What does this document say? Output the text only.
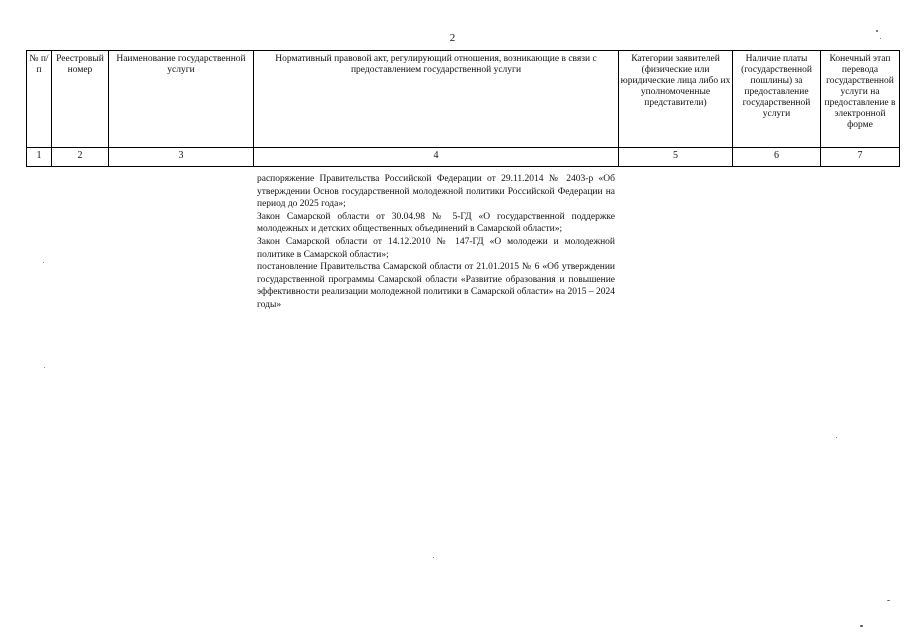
2
№ п/п	Реестровый номер	Наименование государственной услуги	Нормативный правовой акт, регулирующий отношения, возникающие в связи с предоставлением государственной услуги	Категории заявителей (физические или юридические лица либо их уполномоченные представители)	Наличие платы (государственной пошлины) за предоставление государственной услуги	Конечный этап перевода государственной услуги на предоставление в электронной форме
1	2	3	4	5	6	7

распоряжение Правительства Российской Федерации от 29.11.2014 № 2403-р «Об утверждении Основ государственной молодежной политики Российской Федерации на период до 2025 года»;

Закон Самарской области от 30.04.98 № 5-ГД «О государственной поддержке молодежных и детских общественных объединений в Самарской области»;

Закон Самарской области от 14.12.2010 № 147-ГД «О молодежи и молодежной политике в Самарской области»;

постановление Правительства Самарской области от 21.01.2015 № 6 «Об утверждении государственной программы Самарской области «Развитие образования и повышение эффективности реализации молодежной политики в Самарской области» на 2015 – 2024 годы»
